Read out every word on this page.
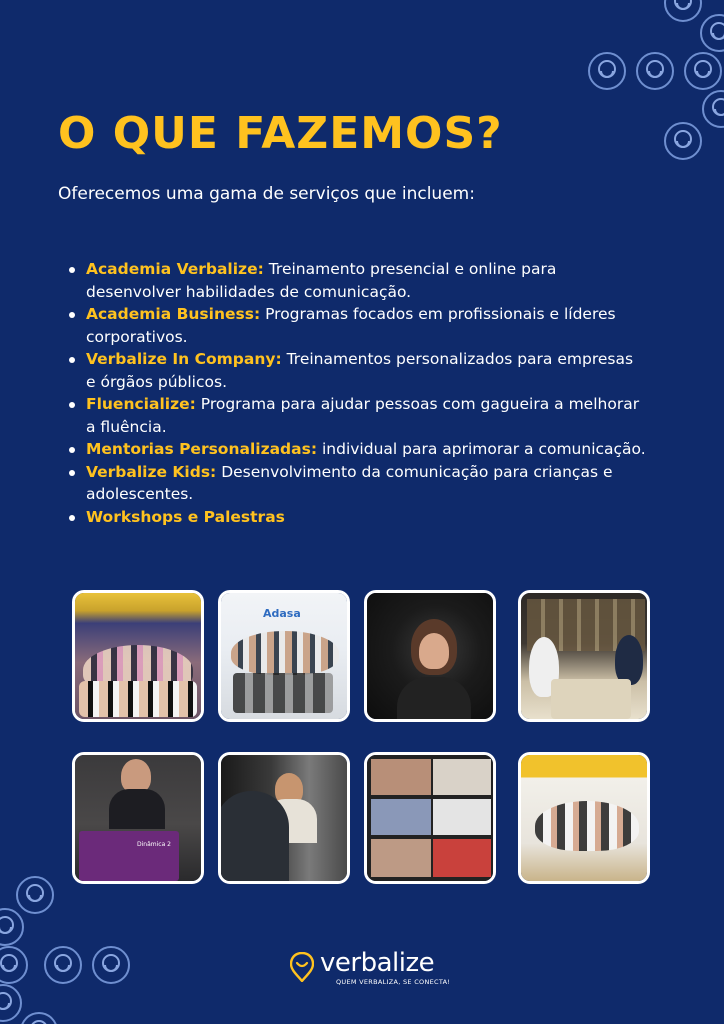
O QUE FAZEMOS?

Oferecemos uma gama de serviços que incluem:

Academia Verbalize: Treinamento presencial e online para desenvolver habilidades de comunicação.
Academia Business: Programas focados em profissionais e líderes corporativos.
Verbalize In Company: Treinamentos personalizados para empresas e órgãos públicos.
Fluencialize: Programa para ajudar pessoas com gagueira a melhorar a fluência.
Mentorias Personalizadas: individual para aprimorar a comunicação.
Verbalize Kids: Desenvolvimento da comunicação para crianças e adolescentes.
Workshops e Palestras
Adasa
Dinâmica 2
verbalize
QUEM VERBALIZA, SE CONECTA!
